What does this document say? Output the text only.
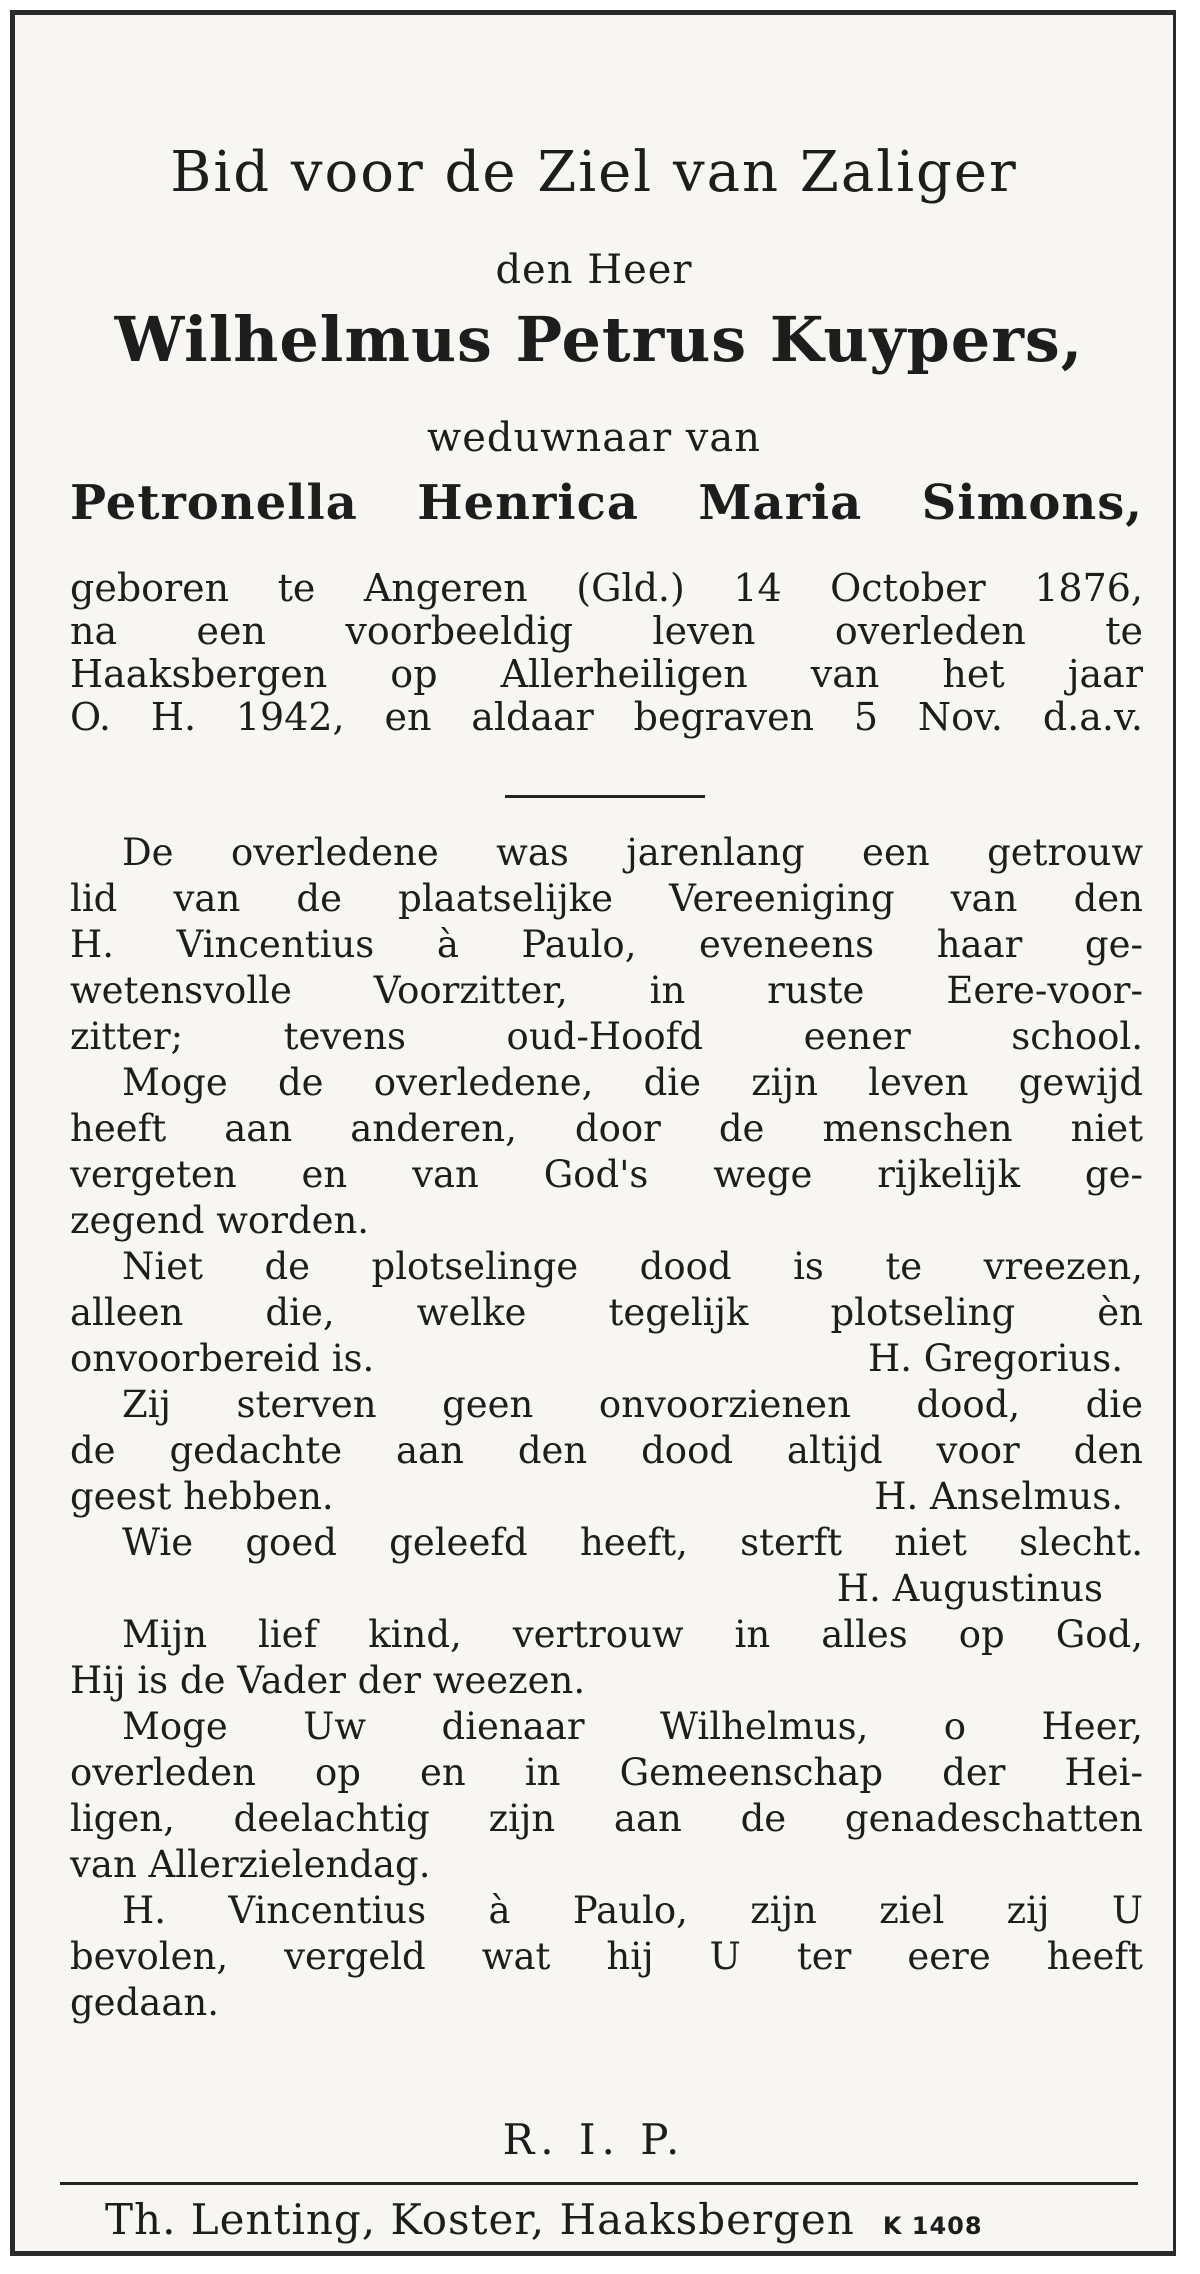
Bid voor de Ziel van Zaliger
den Heer
Wilhelmus Petrus Kuypers,
weduwnaar van
Petronella Henrica Maria Simons,
geboren te Angeren (Gld.) 14 October 1876,
na een voorbeeldig leven overleden te
Haaksbergen op Allerheiligen van het jaar
O. H. 1942, en aldaar begraven 5 Nov. d.a.v.
De overledene was jarenlang een getrouw
lid van de plaatselijke Vereeniging van den
H. Vincentius à Paulo, eveneens haar ge-
wetensvolle Voorzitter, in ruste Eere-voor-
zitter; tevens oud-Hoofd eener school.
Moge de overledene, die zijn leven gewijd
heeft aan anderen, door de menschen niet
vergeten en van God's wege rijkelijk ge-
zegend worden.
Niet de plotselinge dood is te vreezen,
alleen die, welke tegelijk plotseling èn
onvoorbereid is.	H. Gregorius.
Zij sterven geen onvoorzienen dood, die
de gedachte aan den dood altijd voor den
geest hebben.	H. Anselmus.
Wie goed geleefd heeft, sterft niet slecht.
H. Augustinus
Mijn lief kind, vertrouw in alles op God,
Hij is de Vader der weezen.
Moge Uw dienaar Wilhelmus, o Heer,
overleden op en in Gemeenschap der Hei-
ligen, deelachtig zijn aan de genadeschatten
van Allerzielendag.
H. Vincentius à Paulo, zijn ziel zij U
bevolen, vergeld wat hij U ter eere heeft
gedaan.
R. I. P.
Th. Lenting, Koster, Haaksbergen K 1408
